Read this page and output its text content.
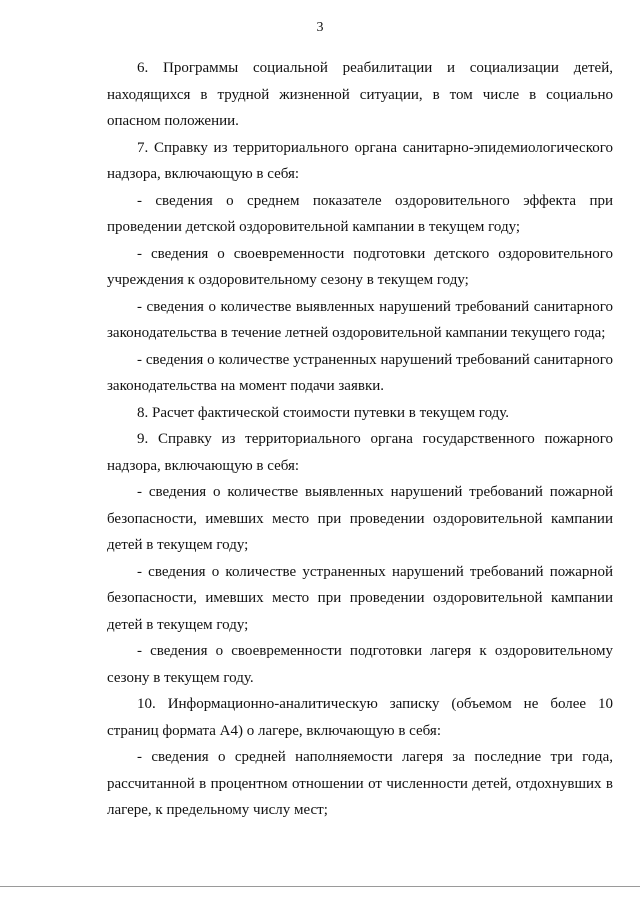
3

6. Программы социальной реабилитации и социализации детей, находящихся в трудной жизненной ситуации, в том числе в социально опасном положении.

7. Справку из территориального органа санитарно-эпидемиологического надзора, включающую в себя:

- сведения о среднем показателе оздоровительного эффекта при проведении детской оздоровительной кампании в текущем году;

- сведения о своевременности подготовки детского оздоровительного учреждения к оздоровительному сезону в текущем году;

- сведения о количестве выявленных нарушений требований санитарного законодательства в течение летней оздоровительной кампании текущего года;

- сведения о количестве устраненных нарушений требований санитарного законодательства на момент подачи заявки.

8. Расчет фактической стоимости путевки в текущем году.

9. Справку из территориального органа государственного пожарного надзора, включающую в себя:

- сведения о количестве выявленных нарушений требований пожарной безопасности, имевших место при проведении оздоровительной кампании детей в текущем году;

- сведения о количестве устраненных нарушений требований пожарной безопасности, имевших место при проведении оздоровительной кампании детей в текущем году;

- сведения о своевременности подготовки лагеря к оздоровительному сезону в текущем году.

10. Информационно-аналитическую записку (объемом не более 10 страниц формата А4) о лагере, включающую в себя:

- сведения о средней наполняемости лагеря за последние три года, рассчитанной в процентном отношении от численности детей, отдохнувших в лагере, к предельному числу мест;
